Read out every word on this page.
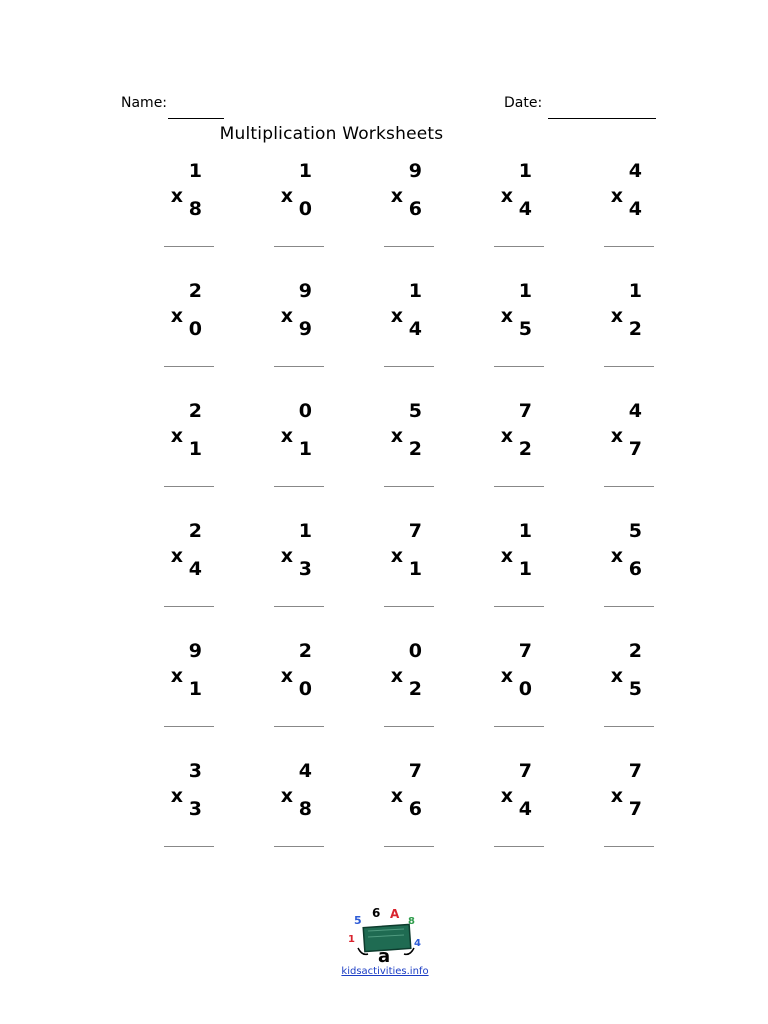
Name:	Date:
Multiplication Worksheets
1
x
8
1
x
0
9
x
6
1
x
4
4
x
4
2
x
0
9
x
9
1
x
4
1
x
5
1
x
2
2
x
1
0
x
1
5
x
2
7
x
2
4
x
7
2
x
4
1
x
3
7
x
1
1
x
1
5
x
6
9
x
1
2
x
0
0
x
2
7
x
0
2
x
5
3
x
3
4
x
8
7
x
6
7
x
4
7
x
7
5
6 A
8
1	4
a
kidsactivities.info
